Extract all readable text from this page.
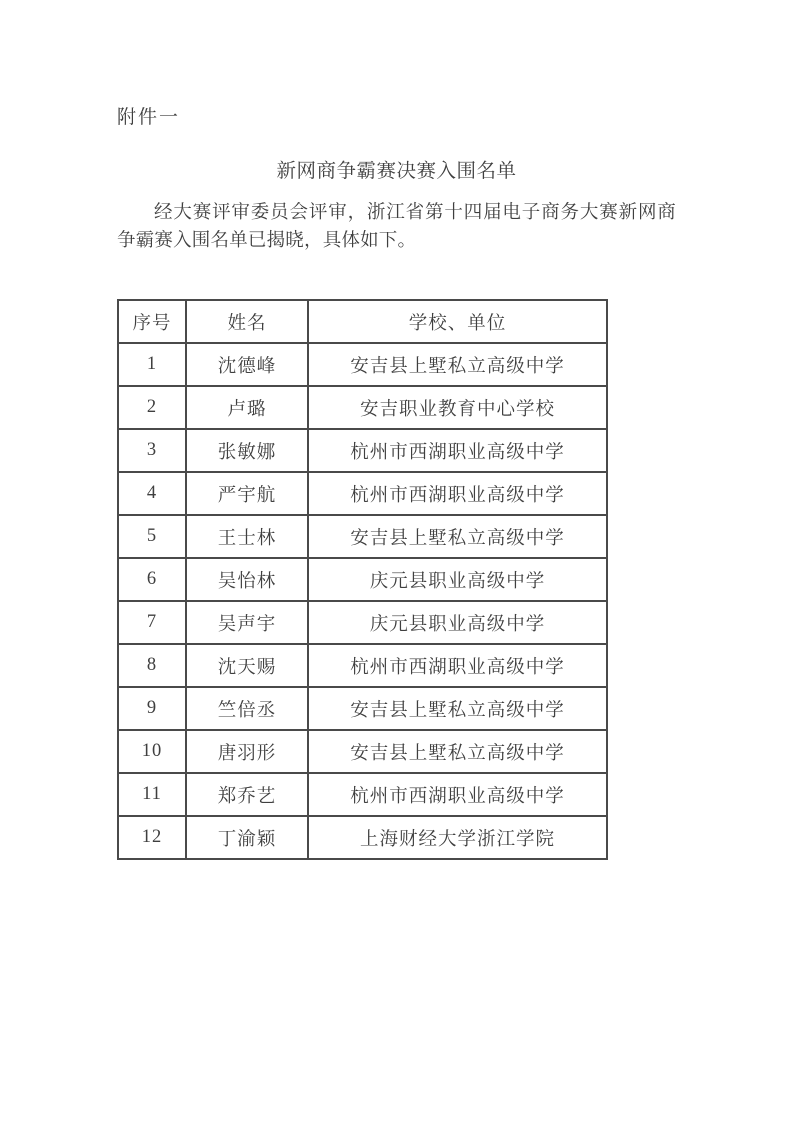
附件一
新网商争霸赛决赛入围名单

经大赛评审委员会评审，浙江省第十四届电子商务大赛新网商争霸赛入围名单已揭晓，具体如下。

序号	姓名	学校、单位
1	沈德峰	安吉县上墅私立高级中学
2	卢璐	安吉职业教育中心学校
3	张敏娜	杭州市西湖职业高级中学
4	严宇航	杭州市西湖职业高级中学
5	王士林	安吉县上墅私立高级中学
6	吴怡林	庆元县职业高级中学
7	吴声宇	庆元县职业高级中学
8	沈天赐	杭州市西湖职业高级中学
9	竺倍丞	安吉县上墅私立高级中学
10	唐羽形	安吉县上墅私立高级中学
11	郑乔艺	杭州市西湖职业高级中学
12	丁渝颖	上海财经大学浙江学院
